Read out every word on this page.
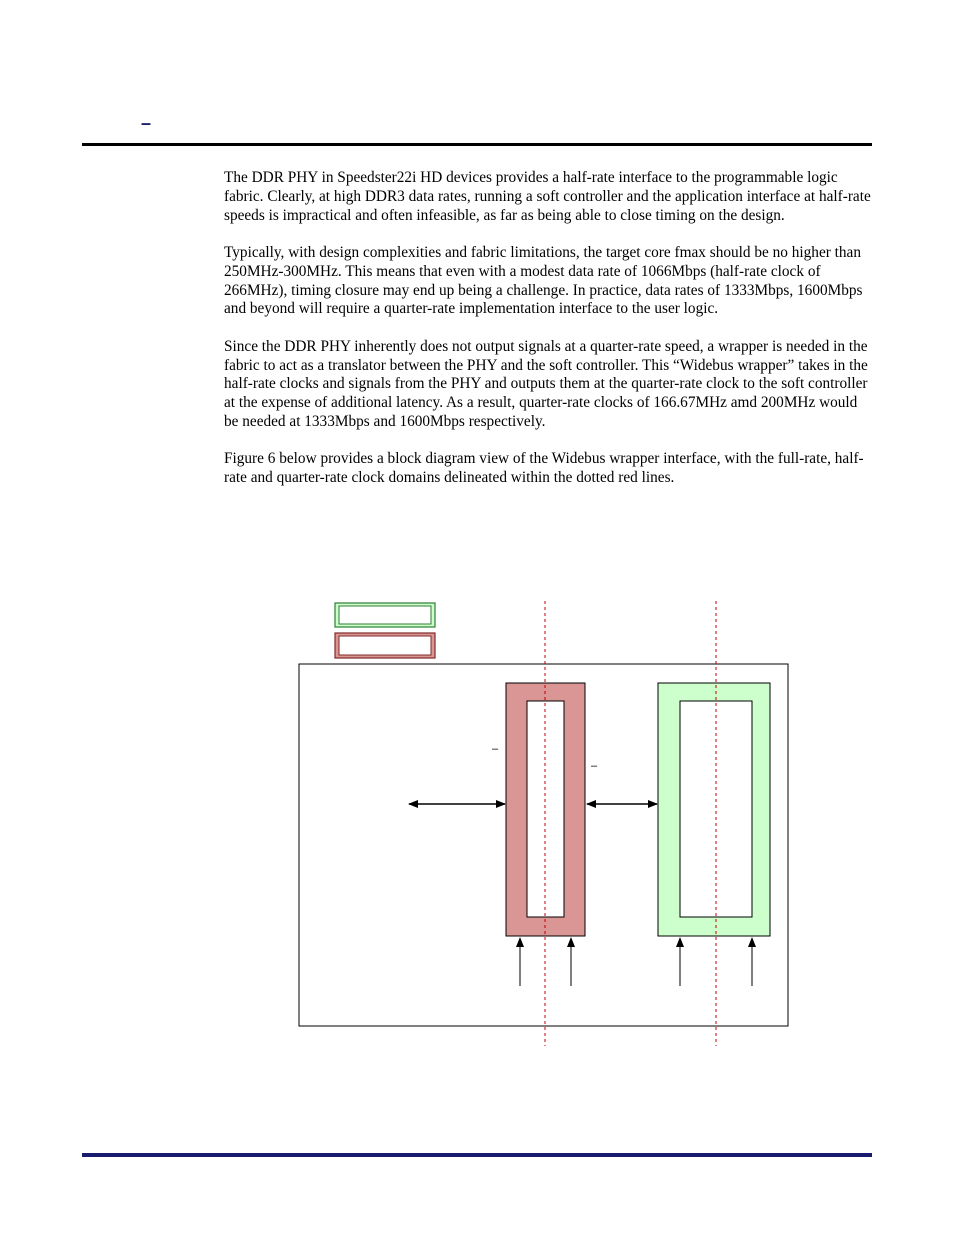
–

The DDR PHY in Speedster22i HD devices provides a half-rate interface to the programmable logic fabric. Clearly, at high DDR3 data rates, running a soft controller and the application interface at half-rate speeds is impractical and often infeasible, as far as being able to close timing on the design.

Typically, with design complexities and fabric limitations, the target core fmax should be no higher than 250MHz-300MHz. This means that even with a modest data rate of 1066Mbps (half-rate clock of 266MHz), timing closure may end up being a challenge. In practice, data rates of 1333Mbps, 1600Mbps and beyond will require a quarter-rate implementation interface to the user logic.

Since the DDR PHY inherently does not output signals at a quarter-rate speed, a wrapper is needed in the fabric to act as a translator between the PHY and the soft controller. This “Widebus wrapper” takes in the half-rate clocks and signals from the PHY and outputs them at the quarter-rate clock to the soft controller at the expense of additional latency. As a result, quarter-rate clocks of 166.67MHz amd 200MHz would be needed at 1333Mbps and 1600Mbps respectively.

Figure 6 below provides a block diagram view of the Widebus wrapper interface, with the full-rate, half-rate and quarter-rate clock domains delineated within the dotted red lines.

–
–
